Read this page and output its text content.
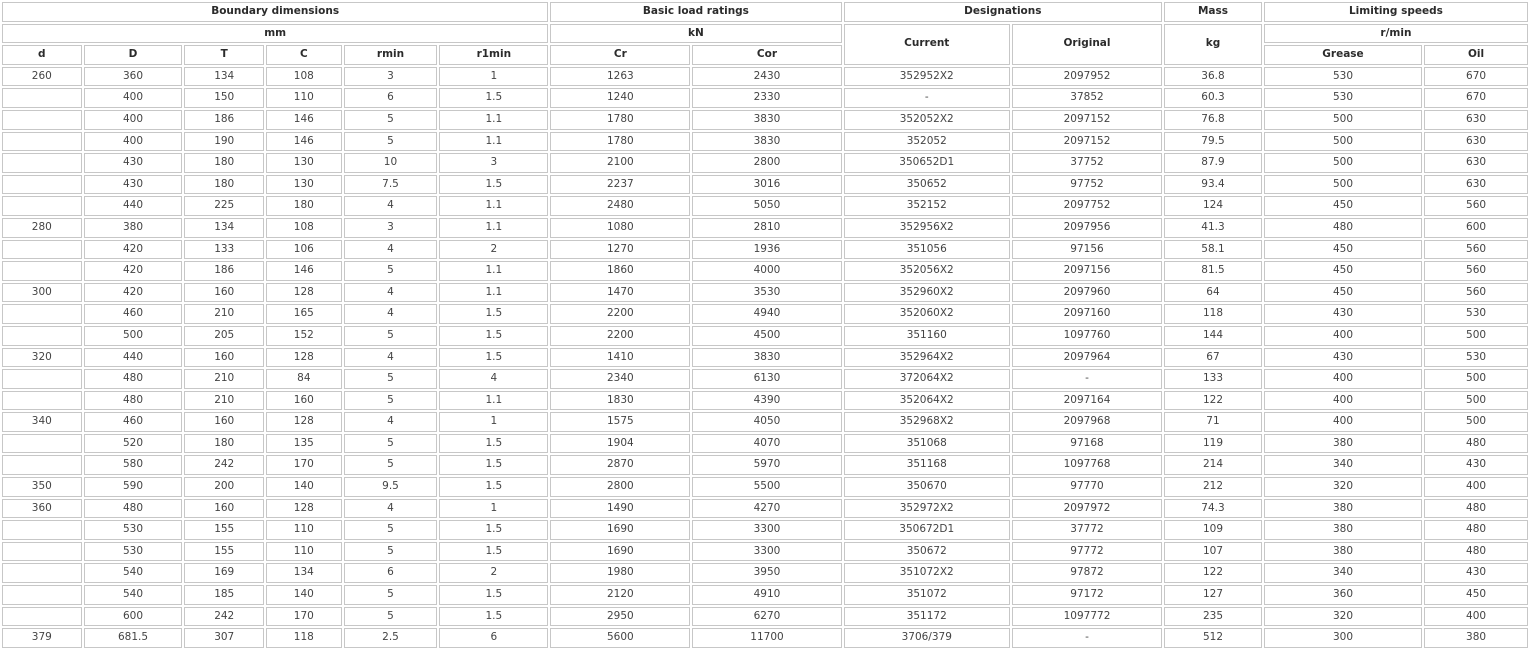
Boundary dimensions						Basic load ratings		Designations		Mass	Limiting speeds	
mm						kN		Current	Original	kg	r/min	
d	D	T	C	rmin	r1min	Cr	Cor				Grease	Oil
260	360	134	108	3	1	1263	2430	352952X2	2097952	36.8	530	670
	400	150	110	6	1.5	1240	2330	-	37852	60.3	530	670
	400	186	146	5	1.1	1780	3830	352052X2	2097152	76.8	500	630
	400	190	146	5	1.1	1780	3830	352052	2097152	79.5	500	630
	430	180	130	10	3	2100	2800	350652D1	37752	87.9	500	630
	430	180	130	7.5	1.5	2237	3016	350652	97752	93.4	500	630
	440	225	180	4	1.1	2480	5050	352152	2097752	124	450	560
280	380	134	108	3	1.1	1080	2810	352956X2	2097956	41.3	480	600
	420	133	106	4	2	1270	1936	351056	97156	58.1	450	560
	420	186	146	5	1.1	1860	4000	352056X2	2097156	81.5	450	560
300	420	160	128	4	1.1	1470	3530	352960X2	2097960	64	450	560
	460	210	165	4	1.5	2200	4940	352060X2	2097160	118	430	530
	500	205	152	5	1.5	2200	4500	351160	1097760	144	400	500
320	440	160	128	4	1.5	1410	3830	352964X2	2097964	67	430	530
	480	210	84	5	4	2340	6130	372064X2	-	133	400	500
	480	210	160	5	1.1	1830	4390	352064X2	2097164	122	400	500
340	460	160	128	4	1	1575	4050	352968X2	2097968	71	400	500
	520	180	135	5	1.5	1904	4070	351068	97168	119	380	480
	580	242	170	5	1.5	2870	5970	351168	1097768	214	340	430
350	590	200	140	9.5	1.5	2800	5500	350670	97770	212	320	400
360	480	160	128	4	1	1490	4270	352972X2	2097972	74.3	380	480
	530	155	110	5	1.5	1690	3300	350672D1	37772	109	380	480
	530	155	110	5	1.5	1690	3300	350672	97772	107	380	480
	540	169	134	6	2	1980	3950	351072X2	97872	122	340	430
	540	185	140	5	1.5	2120	4910	351072	97172	127	360	450
	600	242	170	5	1.5	2950	6270	351172	1097772	235	320	400
379	681.5	307	118	2.5	6	5600	11700	3706/379	-	512	300	380
